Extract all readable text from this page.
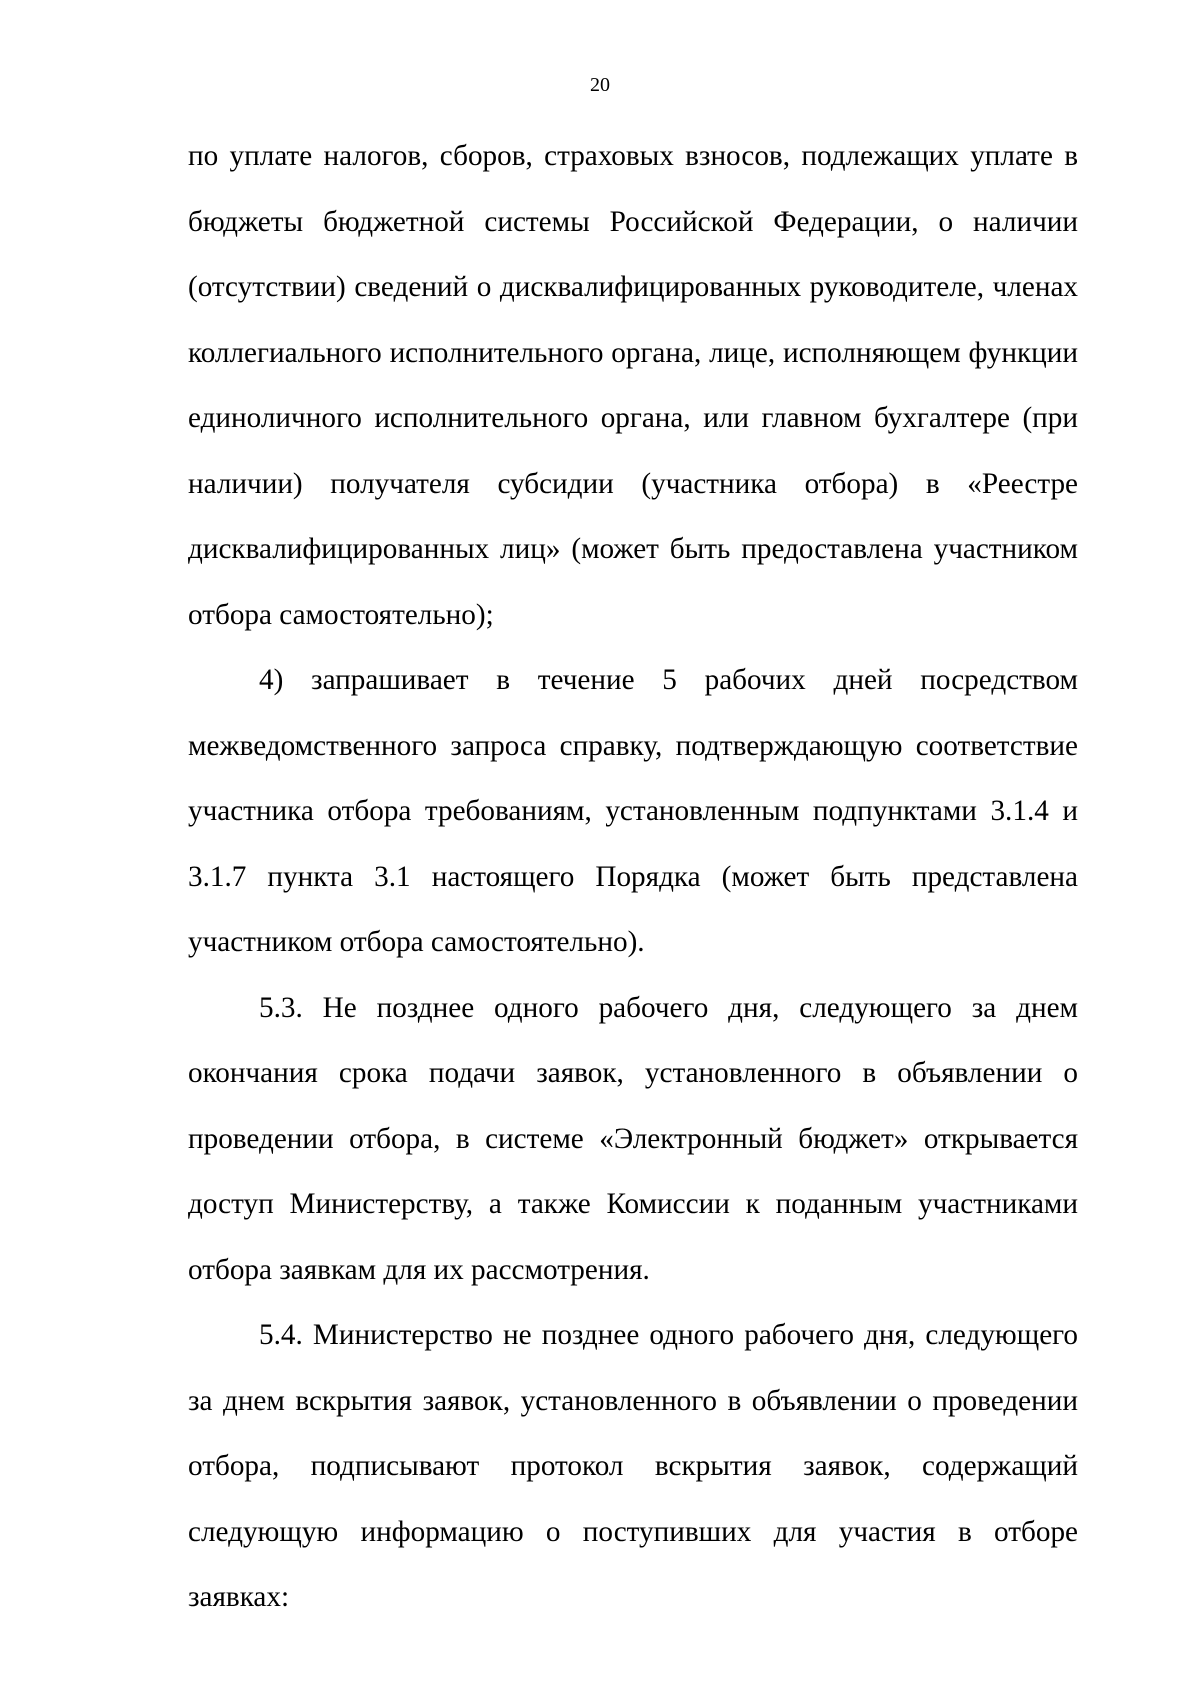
20

по уплате налогов, сборов, страховых взносов, подлежащих уплате в бюджеты бюджетной системы Российской Федерации, о наличии (отсутствии) сведений о дисквалифицированных руководителе, членах коллегиального исполнительного органа, лице, исполняющем функции единоличного исполнительного органа, или главном бухгалтере (при наличии) получателя субсидии (участника отбора) в «Реестре дисквалифицированных лиц» (может быть предоставлена участником отбора самостоятельно);

4) запрашивает в течение 5 рабочих дней посредством межведомственного запроса справку, подтверждающую соответствие участника отбора требованиям, установленным подпунктами 3.1.4 и 3.1.7 пункта 3.1 настоящего Порядка (может быть представлена участником отбора самостоятельно).

5.3. Не позднее одного рабочего дня, следующего за днем окончания срока подачи заявок, установленного в объявлении о проведении отбора, в системе «Электронный бюджет» открывается доступ Министерству, а также Комиссии к поданным участниками отбора заявкам для их рассмотрения.

5.4. Министерство не позднее одного рабочего дня, следующего за днем вскрытия заявок, установленного в объявлении о проведении отбора, подписывают протокол вскрытия заявок, содержащий следующую информацию о поступивших для участия в отборе заявках:
